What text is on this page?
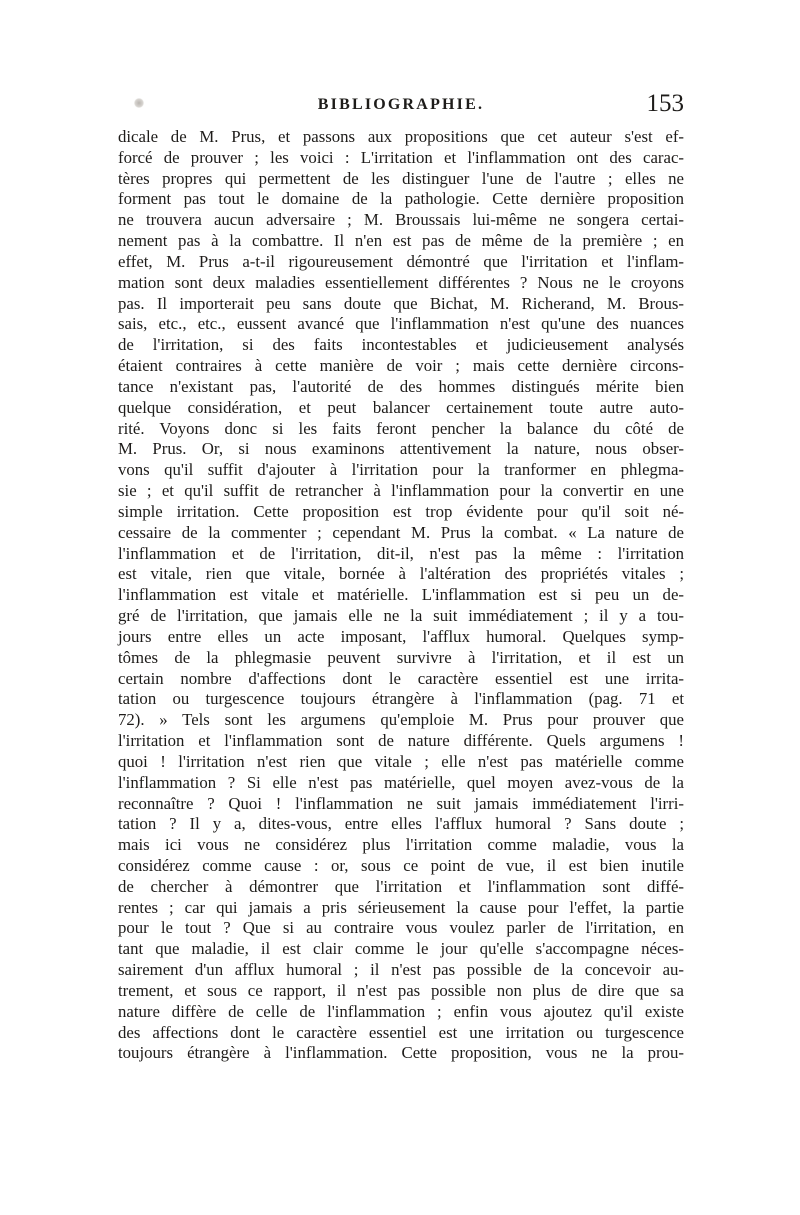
BIBLIOGRAPHIE.	153
dicale de M. Prus, et passons aux propositions que cet auteur s'est ef-
forcé de prouver ; les voici : L'irritation et l'inflammation ont des carac-
tères propres qui permettent de les distinguer l'une de l'autre ; elles ne
forment pas tout le domaine de la pathologie. Cette dernière proposition
ne trouvera aucun adversaire ; M. Broussais lui-même ne songera certai-
nement pas à la combattre. Il n'en est pas de même de la première ; en
effet, M. Prus a-t-il rigoureusement démontré que l'irritation et l'inflam-
mation sont deux maladies essentiellement différentes ? Nous ne le croyons
pas. Il importerait peu sans doute que Bichat, M. Richerand, M. Brous-
sais, etc., etc., eussent avancé que l'inflammation n'est qu'une des nuances
de l'irritation, si des faits incontestables et judicieusement analysés
étaient contraires à cette manière de voir ; mais cette dernière circons-
tance n'existant pas, l'autorité de des hommes distingués mérite bien
quelque considération, et peut balancer certainement toute autre auto-
rité. Voyons donc si les faits feront pencher la balance du côté de
M. Prus. Or, si nous examinons attentivement la nature, nous obser-
vons qu'il suffit d'ajouter à l'irritation pour la tranformer en phlegma-
sie ; et qu'il suffit de retrancher à l'inflammation pour la convertir en une
simple irritation. Cette proposition est trop évidente pour qu'il soit né-
cessaire de la commenter ; cependant M. Prus la combat. « La nature de
l'inflammation et de l'irritation, dit-il, n'est pas la même : l'irritation
est vitale, rien que vitale, bornée à l'altération des propriétés vitales ;
l'inflammation est vitale et matérielle. L'inflammation est si peu un de-
gré de l'irritation, que jamais elle ne la suit immédiatement ; il y a tou-
jours entre elles un acte imposant, l'afflux humoral. Quelques symp-
tômes de la phlegmasie peuvent survivre à l'irritation, et il est un
certain nombre d'affections dont le caractère essentiel est une irrita-
tation ou turgescence toujours étrangère à l'inflammation (pag. 71 et
72). » Tels sont les argumens qu'emploie M. Prus pour prouver que
l'irritation et l'inflammation sont de nature différente. Quels argumens !
quoi ! l'irritation n'est rien que vitale ; elle n'est pas matérielle comme
l'inflammation ? Si elle n'est pas matérielle, quel moyen avez-vous de la
reconnaître ? Quoi ! l'inflammation ne suit jamais immédiatement l'irri-
tation ? Il y a, dites-vous, entre elles l'afflux humoral ? Sans doute ;
mais ici vous ne considérez plus l'irritation comme maladie, vous la
considérez comme cause : or, sous ce point de vue, il est bien inutile
de chercher à démontrer que l'irritation et l'inflammation sont diffé-
rentes ; car qui jamais a pris sérieusement la cause pour l'effet, la partie
pour le tout ? Que si au contraire vous voulez parler de l'irritation, en
tant que maladie, il est clair comme le jour qu'elle s'accompagne néces-
sairement d'un afflux humoral ; il n'est pas possible de la concevoir au-
trement, et sous ce rapport, il n'est pas possible non plus de dire que sa
nature diffère de celle de l'inflammation ; enfin vous ajoutez qu'il existe
des affections dont le caractère essentiel est une irritation ou turgescence
toujours étrangère à l'inflammation. Cette proposition, vous ne la prou-
